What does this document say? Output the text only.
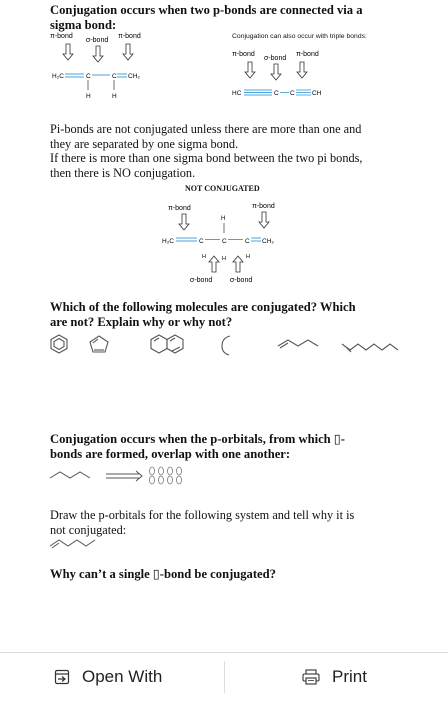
Conjugation occurs when two p-bonds are connected via a
sigma bond:
π-bond
σ-bond
π-bond
H₂C	C	C CH₂
H	H
Conjugation can also occur with triple bonds:
π-bond
σ-bond
π-bond
HC	C C	CH
Pi-bonds are not conjugated unless there are more than one and
they are separated by one sigma bond.
If there is more than one sigma bond between the two pi bonds,
then there is NO conjugation.
NOT CONJUGATED
π-bond	π-bond
H
H₂C	C	C	C CH₂
H	H	H
σ-bond	σ-bond
Which of the following molecules are conjugated? Which
are not? Explain why or why not?
Conjugation occurs when the p-orbitals, from which ▯-
bonds are formed, overlap with one another:
Draw the p-orbitals for the following system and tell why it is
not conjugated:
Why can’t a single ▯-bond be conjugated?
Open With	Print
